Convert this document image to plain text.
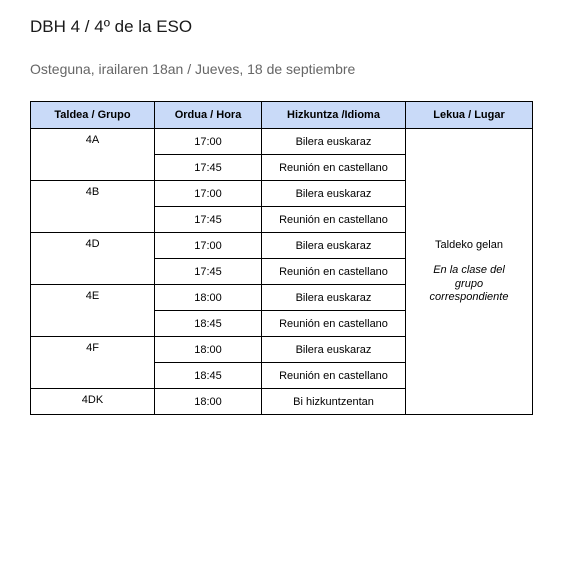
DBH 4 / 4º de la ESO
Osteguna, irailaren 18an / Jueves, 18 de septiembre
Taldea / Grupo	Ordua / Hora	Hizkuntza /Idioma	Lekua / Lugar
4A	17:00	Bilera euskaraz	Taldeko gelan
En la clase del grupo correspondiente

	17:45	Reunión en castellano	
4B	17:00	Bilera euskaraz	
	17:45	Reunión en castellano	
4D	17:00	Bilera euskaraz	
	17:45	Reunión en castellano	
4E	18:00	Bilera euskaraz	
	18:45	Reunión en castellano	
4F	18:00	Bilera euskaraz	
	18:45	Reunión en castellano	
4DK	18:00	Bi hizkuntzentan	
